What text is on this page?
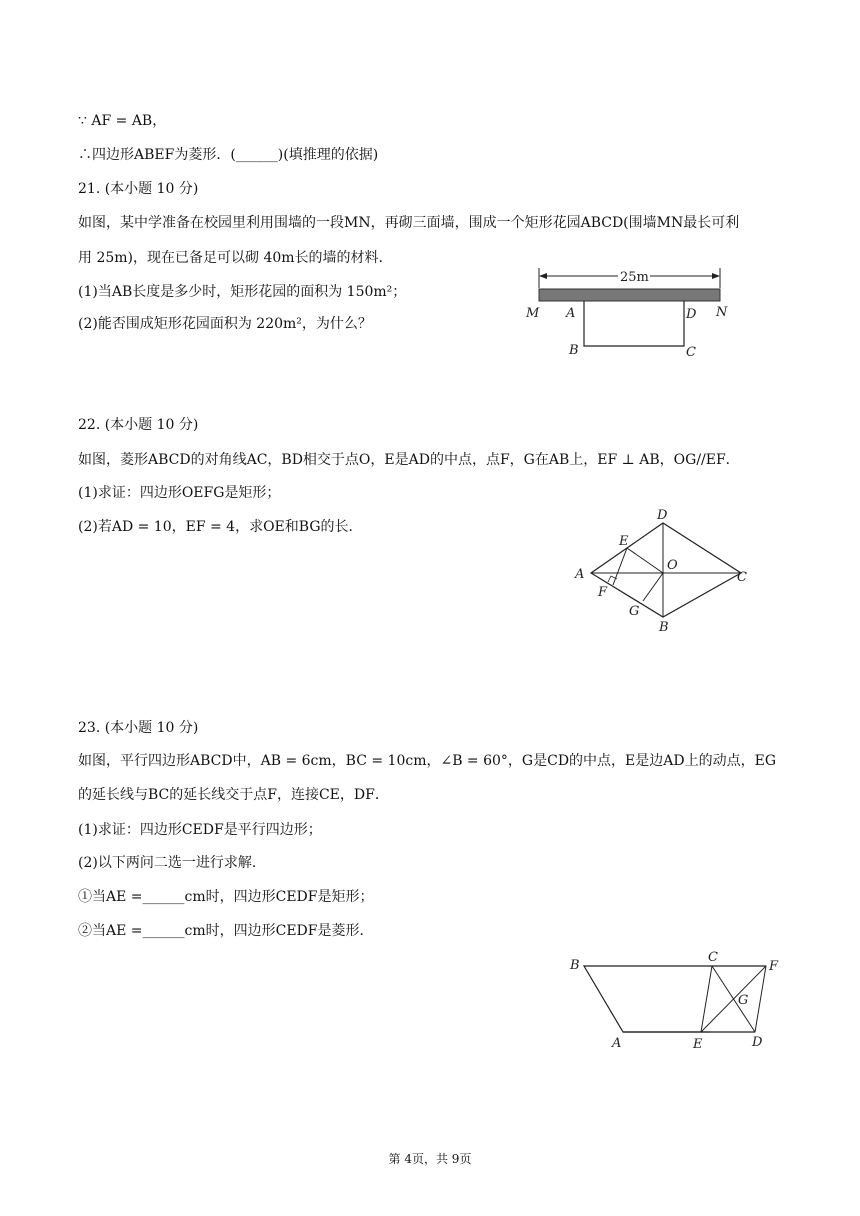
∵ AF = AB，
∴四边形ABEF为菱形．(______)(填推理的依据)
21. (本小题 10 分)
如图，某中学准备在校园里利用围墙的一段MN，再砌三面墙，围成一个矩形花园ABCD(围墙MN最长可利
用 25m)，现在已备足可以砌 40m长的墙的材料．
(1)当AB长度是多少时，矩形花园的面积为 150m²；
(2)能否围成矩形花园面积为 220m²，为什么？
25m
M A	D N
B	C
22. (本小题 10 分)
如图，菱形ABCD的对角线AC，BD相交于点O，E是AD的中点，点F，G在AB上，EF ⊥ AB，OG//EF．
(1)求证：四边形OEFG是矩形；
(2)若AD = 10，EF = 4，求OE和BG的长．
A
D
C
B
E
O
F
G
23. (本小题 10 分)
如图，平行四边形ABCD中，AB = 6cm，BC = 10cm，∠B = 60°，G是CD的中点，E是边AD上的动点，EG
的延长线与BC的延长线交于点F，连接CE，DF．
(1)求证：四边形CEDF是平行四边形；
(2)以下两问二选一进行求解．
①当AE =______cm时，四边形CEDF是矩形；
②当AE =______cm时，四边形CEDF是菱形．
B
C
F
G
A	E	D
第 4页，共 9页
